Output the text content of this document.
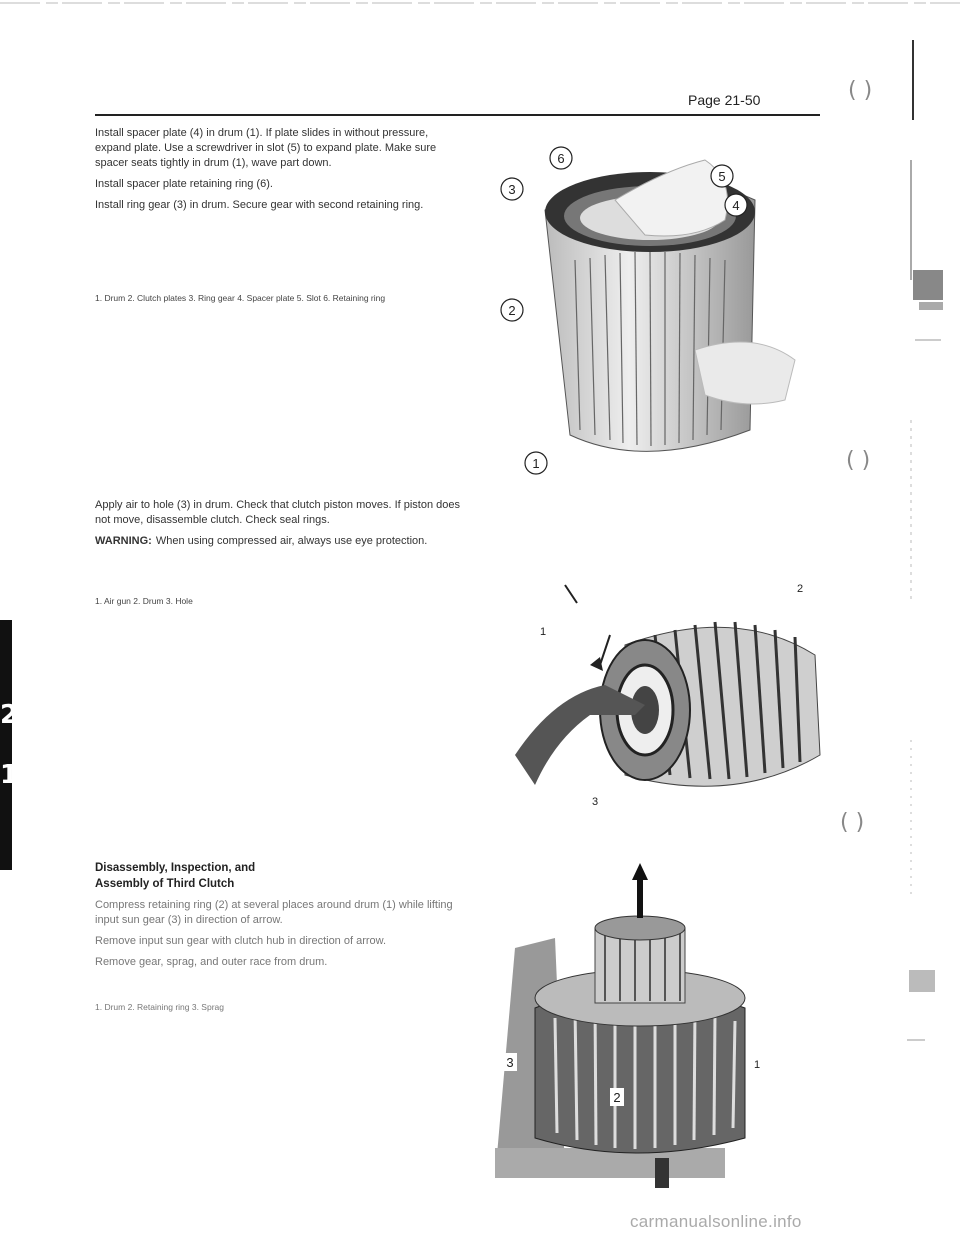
Page 21-50	( )

Install spacer plate (4) in drum (1). If plate slides in without pressure, expand plate. Use a screwdriver in slot (5) to expand plate. Make sure spacer seats tightly in drum (1), wave part down.

Install spacer plate retaining ring (6).

Install ring gear (3) in drum. Secure gear with second retaining ring.

1. Drum 2. Clutch plates 3. Ring gear 4. Spacer plate 5. Slot 6. Retaining ring
6
3
5
4
2
1	( )

Apply air to hole (3) in drum. Check that clutch piston moves. If piston does not move, disassemble clutch. Check seal rings.

WARNING: When using compressed air, always use eye protection.

1. Air gun 2. Drum 3. Hole
1
2
3
( )
Disassembly, Inspection, and
Assembly of Third Clutch

Compress retaining ring (2) at several places around drum (1) while lifting input sun gear (3) in direction of arrow.

Remove input sun gear with clutch hub in direction of arrow.

Remove gear, sprag, and outer race from drum.

1. Drum 2. Retaining ring 3. Sprag
3
2
1
2
1
carmanualsonline.info
